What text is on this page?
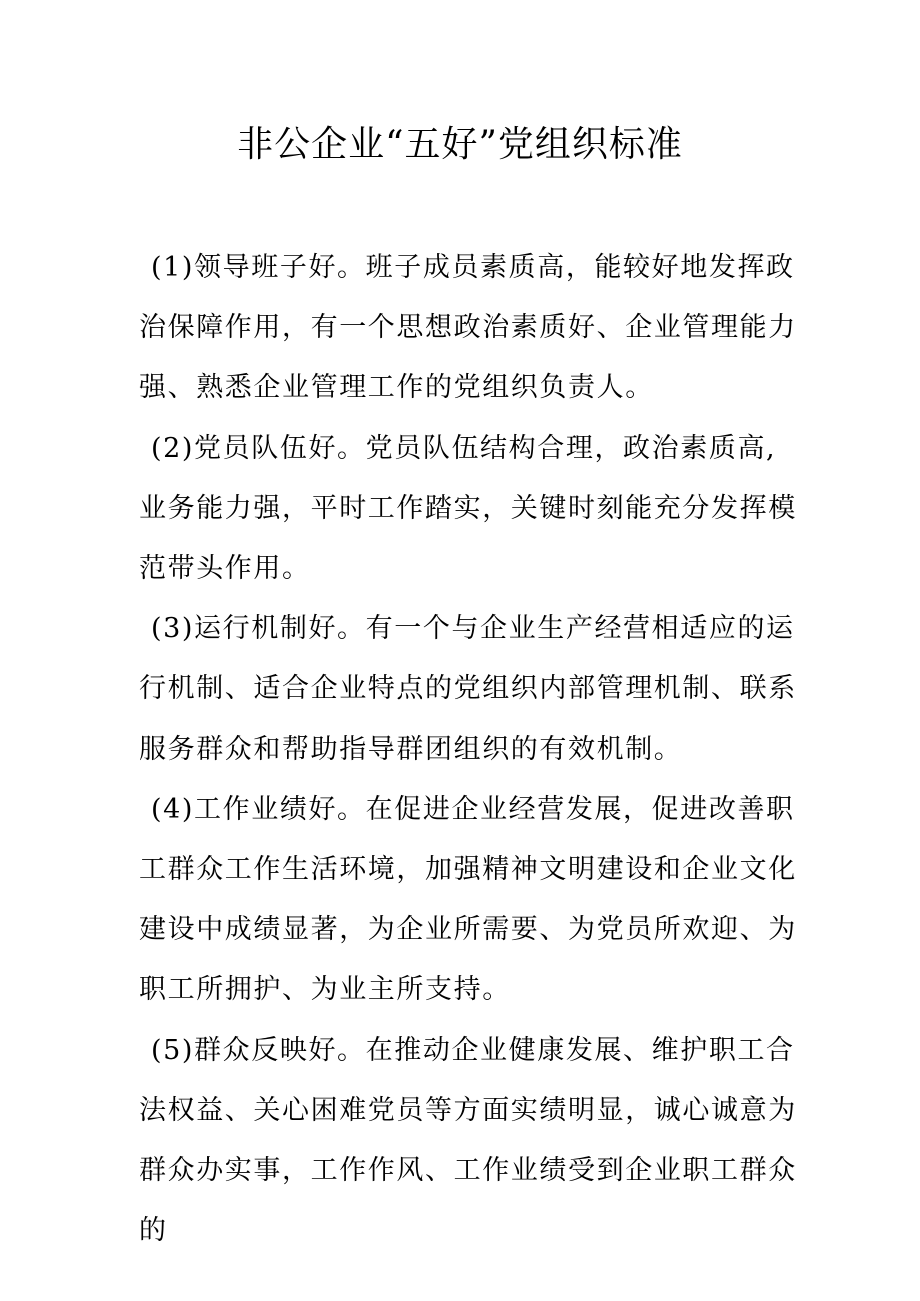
非公企业“五好”党组织标准

(1)领导班子好。班子成员素质高，能较好地发挥政治保障作用，有一个思想政治素质好、企业管理能力强、熟悉企业管理工作的党组织负责人。

(2)党员队伍好。党员队伍结构合理，政治素质高,业务能力强，平时工作踏实，关键时刻能充分发挥模范带头作用。

(3)运行机制好。有一个与企业生产经营相适应的运行机制、适合企业特点的党组织内部管理机制、联系服务群众和帮助指导群团组织的有效机制。

(4)工作业绩好。在促进企业经营发展，促进改善职工群众工作生活环境，加强精神文明建设和企业文化建设中成绩显著，为企业所需要、为党员所欢迎、为职工所拥护、为业主所支持。

(5)群众反映好。在推动企业健康发展、维护职工合法权益、关心困难党员等方面实绩明显，诚心诚意为群众办实事，工作作风、工作业绩受到企业职工群众的
